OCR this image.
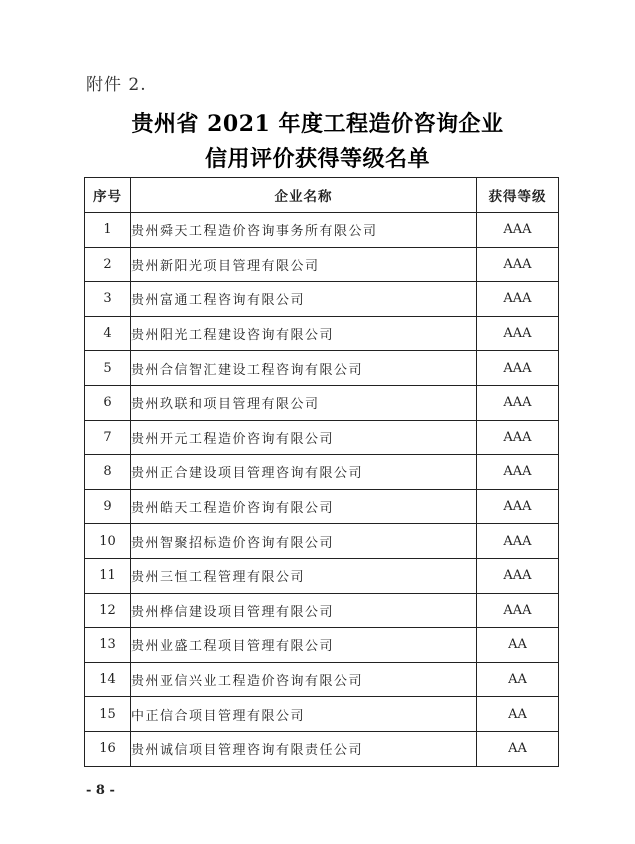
附件 2.
贵州省 2021 年度工程造价咨询企业
信用评价获得等级名单
序号	企业名称	获得等级
1	贵州舜天工程造价咨询事务所有限公司	AAA
2	贵州新阳光项目管理有限公司	AAA
3	贵州富通工程咨询有限公司	AAA
4	贵州阳光工程建设咨询有限公司	AAA
5	贵州合信智汇建设工程咨询有限公司	AAA
6	贵州玖联和项目管理有限公司	AAA
7	贵州开元工程造价咨询有限公司	AAA
8	贵州正合建设项目管理咨询有限公司	AAA
9	贵州皓天工程造价咨询有限公司	AAA
10	贵州智聚招标造价咨询有限公司	AAA
11	贵州三恒工程管理有限公司	AAA
12	贵州桦信建设项目管理有限公司	AAA
13	贵州业盛工程项目管理有限公司	AA
14	贵州亚信兴业工程造价咨询有限公司	AA
15	中正信合项目管理有限公司	AA
16	贵州诚信项目管理咨询有限责任公司	AA
- 8 -
